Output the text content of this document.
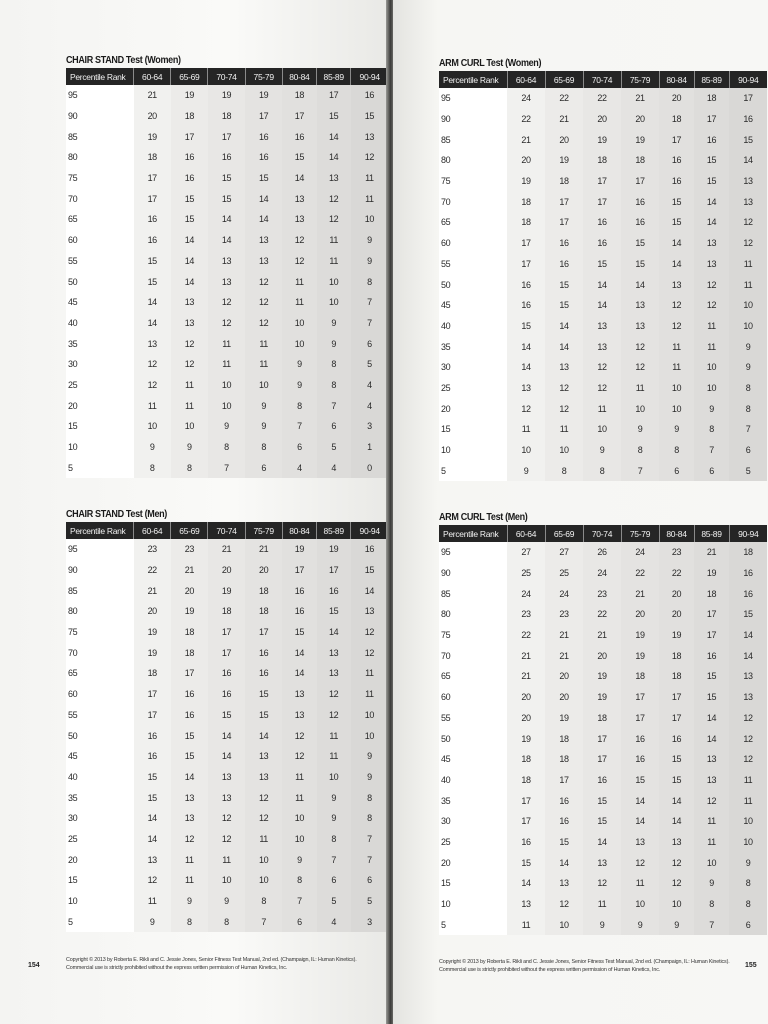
CHAIR STAND Test (Women)
Percentile Rank	60-64	65-69	70-74	75-79	80-84	85-89	90-94
95	21	19	19	19	18	17	16
90	20	18	18	17	17	15	15
85	19	17	17	16	16	14	13
80	18	16	16	16	15	14	12
75	17	16	15	15	14	13	11
70	17	15	15	14	13	12	11
65	16	15	14	14	13	12	10
60	16	14	14	13	12	11	9
55	15	14	13	13	12	11	9
50	15	14	13	12	11	10	8
45	14	13	12	12	11	10	7
40	14	13	12	12	10	9	7
35	13	12	11	11	10	9	6
30	12	12	11	11	9	8	5
25	12	11	10	10	9	8	4
20	11	11	10	9	8	7	4
15	10	10	9	9	7	6	3
10	9	9	8	8	6	5	1
5	8	8	7	6	4	4	0
CHAIR STAND Test (Men)
Percentile Rank	60-64	65-69	70-74	75-79	80-84	85-89	90-94
95	23	23	21	21	19	19	16
90	22	21	20	20	17	17	15
85	21	20	19	18	16	16	14
80	20	19	18	18	16	15	13
75	19	18	17	17	15	14	12
70	19	18	17	16	14	13	12
65	18	17	16	16	14	13	11
60	17	16	16	15	13	12	11
55	17	16	15	15	13	12	10
50	16	15	14	14	12	11	10
45	16	15	14	13	12	11	9
40	15	14	13	13	11	10	9
35	15	13	13	12	11	9	8
30	14	13	12	12	10	9	8
25	14	12	12	11	10	8	7
20	13	11	11	10	9	7	7
15	12	11	10	10	8	6	6
10	11	9	9	8	7	5	5
5	9	8	8	7	6	4	3
Copyright © 2013 by Roberta E. Rikli and C. Jessie Jones, Senior Fitness Test Manual, 2nd ed. (Champaign, IL: Human Kinetics). Commercial use is strictly prohibited without the express written permission of Human Kinetics, Inc.
154
ARM CURL Test (Women)
Percentile Rank	60-64	65-69	70-74	75-79	80-84	85-89	90-94
95	24	22	22	21	20	18	17
90	22	21	20	20	18	17	16
85	21	20	19	19	17	16	15
80	20	19	18	18	16	15	14
75	19	18	17	17	16	15	13
70	18	17	17	16	15	14	13
65	18	17	16	16	15	14	12
60	17	16	16	15	14	13	12
55	17	16	15	15	14	13	11
50	16	15	14	14	13	12	11
45	16	15	14	13	12	12	10
40	15	14	13	13	12	11	10
35	14	14	13	12	11	11	9
30	14	13	12	12	11	10	9
25	13	12	12	11	10	10	8
20	12	12	11	10	10	9	8
15	11	11	10	9	9	8	7
10	10	10	9	8	8	7	6
5	9	8	8	7	6	6	5
ARM CURL Test (Men)
Percentile Rank	60-64	65-69	70-74	75-79	80-84	85-89	90-94
95	27	27	26	24	23	21	18
90	25	25	24	22	22	19	16
85	24	24	23	21	20	18	16
80	23	23	22	20	20	17	15
75	22	21	21	19	19	17	14
70	21	21	20	19	18	16	14
65	21	20	19	18	18	15	13
60	20	20	19	17	17	15	13
55	20	19	18	17	17	14	12
50	19	18	17	16	16	14	12
45	18	18	17	16	15	13	12
40	18	17	16	15	15	13	11
35	17	16	15	14	14	12	11
30	17	16	15	14	14	11	10
25	16	15	14	13	13	11	10
20	15	14	13	12	12	10	9
15	14	13	12	11	12	9	8
10	13	12	11	10	10	8	8
5	11	10	9	9	9	7	6
Copyright © 2013 by Roberta E. Rikli and C. Jessie Jones, Senior Fitness Test Manual, 2nd ed. (Champaign, IL: Human Kinetics). Commercial use is strictly prohibited without the express written permission of Human Kinetics, Inc.
155
